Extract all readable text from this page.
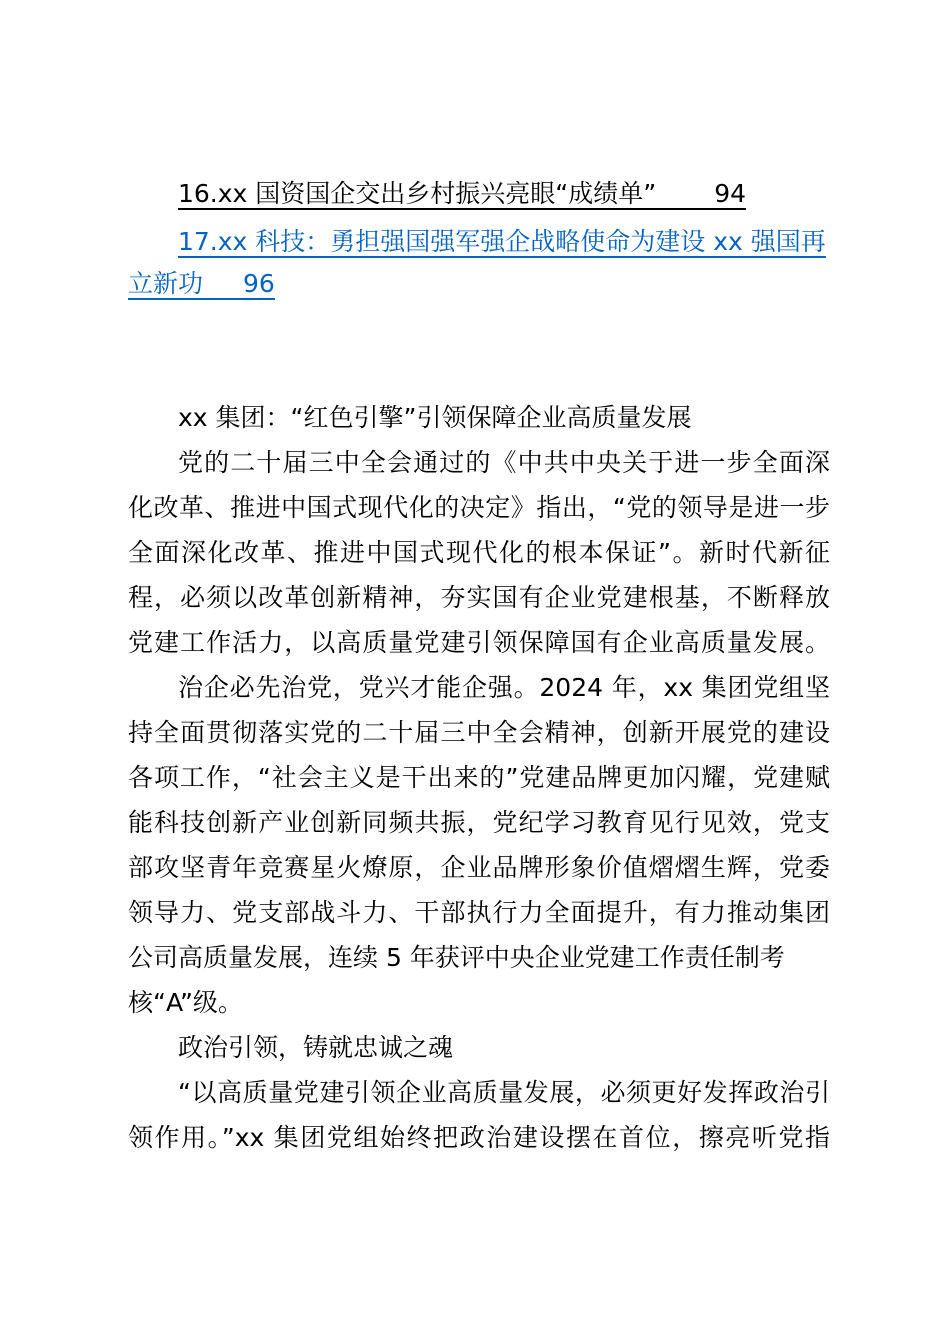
16.xx 国资国企交出乡村振兴亮眼“成绩单” 94
17.xx 科技：勇担强国强军强企战略使命为建设 xx 强国再
立新功 96
xx 集团：“红色引擎”引领保障企业高质量发展
党的二十届三中全会通过的《中共中央关于进一步全面深
化改革、推进中国式现代化的决定》指出，“党的领导是进一步
全面深化改革、推进中国式现代化的根本保证”。新时代新征
程，必须以改革创新精神，夯实国有企业党建根基，不断释放
党建工作活力，以高质量党建引领保障国有企业高质量发展。
治企必先治党，党兴才能企强。2024 年，xx 集团党组坚
持全面贯彻落实党的二十届三中全会精神，创新开展党的建设
各项工作，“社会主义是干出来的”党建品牌更加闪耀，党建赋
能科技创新产业创新同频共振，党纪学习教育见行见效，党支
部攻坚青年竞赛星火燎原，企业品牌形象价值熠熠生辉，党委
领导力、党支部战斗力、干部执行力全面提升，有力推动集团
公司高质量发展，连续 5 年获评中央企业党建工作责任制考
核“A”级。
政治引领，铸就忠诚之魂
“以高质量党建引领企业高质量发展，必须更好发挥政治引
领作用。”xx 集团党组始终把政治建设摆在首位，擦亮听党指
